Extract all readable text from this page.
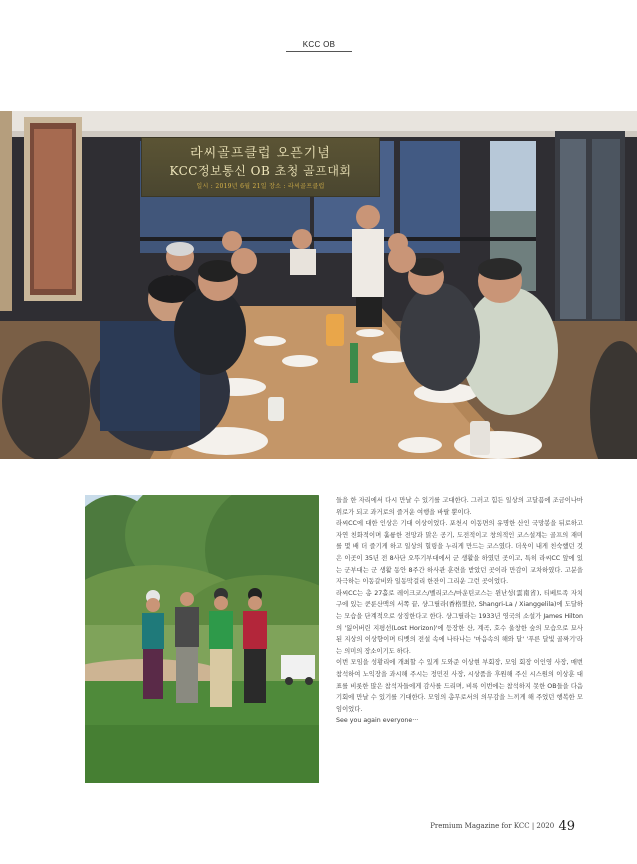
KCC OB
라씨골프클럽 오픈기념
KCC정보통신 OB 초청 골프대회
일시 : 2019년 6월 21일 장소 : 라씨골프클럽

들을 한 자리에서 다시 만날 수 있기를 고대한다. 그러고 힘든 일상의 고달픔에 조금이나마 위로가 되고 과거로의 즐거운 여행을 바랄 뿐이다.

라씨CC에 대한 인상은 기대 이상이었다. 포천시 이동면의 유명한 산인 국망봉을 뒤로하고 자연 친화적이며 훌륭한 전망과 맑은 공기, 도전적이고 창의적인 코스설계는 골프의 재미를 몇 배 더 즐기게 하고 일상의 힐링을 누리게 만드는 코스였다. 더욱이 내게 친숙했던 것은 이곳이 35년 전 8사단 오뚜기부대에서 군 생활을 하였던 곳이고, 특히 라씨CC 앞에 있는 군부대는 군 생활 동안 8주간 하사관 훈련을 받았던 곳이라 만감이 교차하였다. 고분을 자극하는 이동갈비와 일동막걸리 한잔이 그리운 그런 곳이었다.

라씨CC는 총 27홀로 레이크코스/벨리코스/마운틴코스는 윈난성(雲南省), 티베트족 자치구에 있는 쿤룬산맥의 서쪽 끝, 샹그릴라(香格里拉, Shangri-La / Xianggelila)에 도달하는 모습을 단계적으로 상징한다고 한다. 샹그릴라는 1933년 영국의 소설가 James Hilton의 '잃어버린 지평선(Lost Horizon)'에 등장한 산, 계곡, 호수 울창한 숲의 모습으로 묘사된 지상의 이상향이며 티벳의 전설 속에 나타나는 '마음속의 해와 달' '푸른 달빛 골짜기'라는 의미의 장소이기도 하다.

이번 모임을 성황리에 개최할 수 있게 도와준 이상현 부회장, 모임 회장 이인영 사장, 매번 참석하여 노익장을 과시해 주시는 정민진 사장, 시상품을 후원해 주신 시스원의 이상훈 대표를 비롯한 많은 참석자들에게 감사를 드리며, 비록 이번에는 참석하지 못한 OB들을 다음 기회에 만날 수 있기를 기대한다. 모임의 총무로서의 의무감을 느끼게 해 주었던 행복한 모임이었다.

See you again everyone···

Premium Magazine for KCC | 2020 49
